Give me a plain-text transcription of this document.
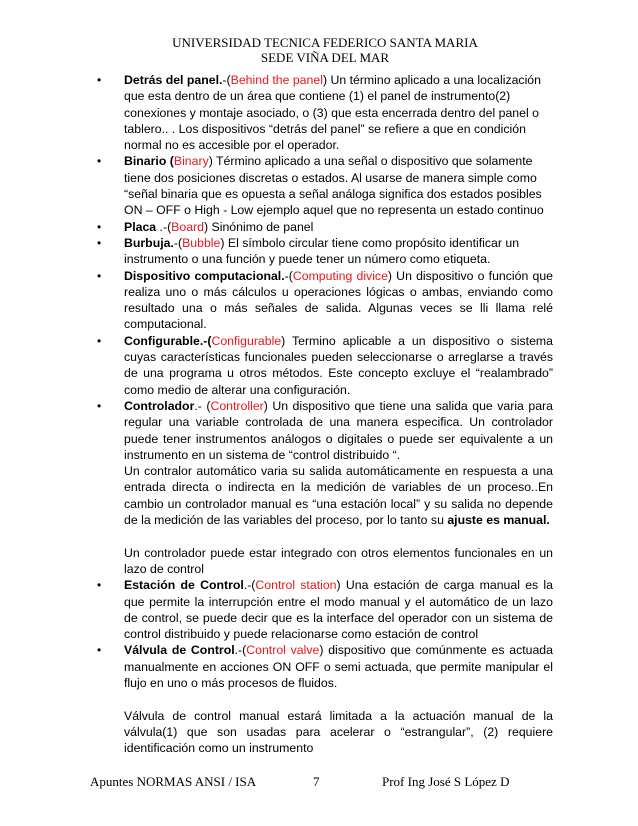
UNIVERSIDAD TECNICA FEDERICO SANTA MARIA
SEDE VIÑA DEL MAR
•	Detrás del panel.-(Behind the panel) Un término aplicado a una localización que esta dentro de un área que contiene (1) el panel de instrumento(2) conexiones y montaje asociado, o (3) que esta encerrada dentro del panel o tablero.. . Los dispositivos “detrás del panel” se refiere a que en condición normal no es accesible por el operador.
•	Binario (Binary) Término aplicado a una señal o dispositivo que solamente tiene dos posiciones discretas o estados. Al usarse de manera simple como “señal binaria que es opuesta a señal análoga significa dos estados posibles ON – OFF o High - Low ejemplo aquel que no representa un estado continuo
•	Placa .-(Board) Sinónimo de panel
•	Burbuja.-(Bubble) El símbolo circular tiene como propósito identificar un instrumento o una función y puede tener un número como etiqueta.
•	Dispositivo computacional.-(Computing divice) Un dispositivo o función que realiza uno o más cálculos u operaciones lógicas o ambas, enviando como resultado una o más señales de salida. Algunas veces se lli llama relé computacional.
•	Configurable.-(Configurable) Termino aplicable a un dispositivo o sistema cuyas características funcionales pueden seleccionarse o arreglarse a través de una programa u otros métodos. Este concepto excluye el “realambrado” como medio de alterar una configuración.
•	Controlador.- (Controller) Un dispositivo que tiene una salida que varia para regular una variable controlada de una manera especifica. Un controlador puede tener instrumentos análogos o digitales o puede ser equivalente a un instrumento en un sistema de “control distribuido “.

Un contralor automático varia su salida automáticamente en respuesta a una entrada directa o indirecta en la medición de variables de un proceso..En cambio un controlador manual es “una estación local” y su salida no depende de la medición de las variables del proceso, por lo tanto su ajuste es manual.

Un controlador puede estar integrado con otros elementos funcionales en un lazo de control

•	Estación de Control.-(Control station) Una estación de carga manual es la que permite la interrupción entre el modo manual y el automático de un lazo de control, se puede decir que es la interface del operador con un sistema de control distribuido y puede relacionarse como estación de control
•	Válvula de Control.-(Control valve) dispositivo que comúnmente es actuada manualmente en acciones ON OFF o semi actuada, que permite manipular el flujo en uno o más procesos de fluidos.

Válvula de control manual estará limitada a la actuación manual de la válvula(1) que son usadas para acelerar o “estrangular”, (2) requiere identificación como un instrumento

Apuntes NORMAS ANSI / ISA	7	Prof Ing José S López D
